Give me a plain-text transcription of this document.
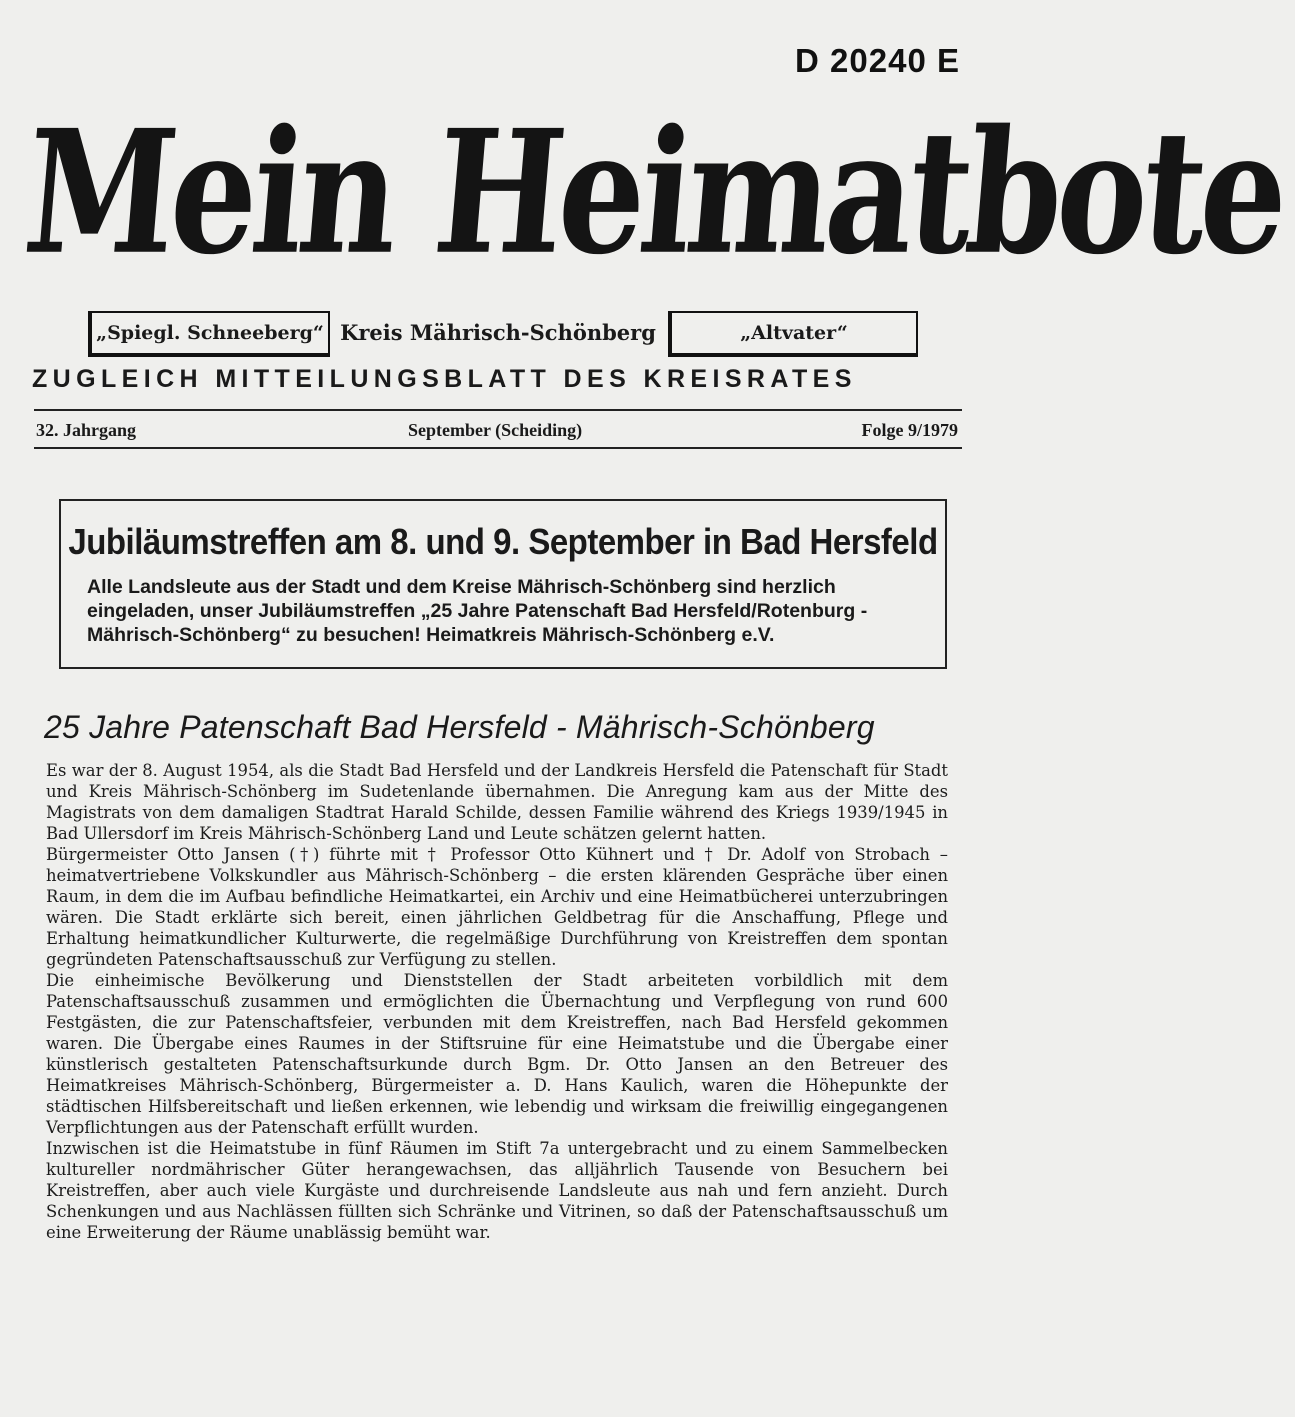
D 20240 E
Mein Heimatbote
„Spiegl. Schneeberg“ Kreis Mährisch-Schönberg	„Altvater“
ZUGLEICH MITTEILUNGSBLATT DES KREISRATES
32. Jahrgang	September (Scheiding)	Folge 9/1979
Jubiläumstreffen am 8. und 9. September in Bad Hersfeld
Alle Landsleute aus der Stadt und dem Kreise Mährisch-Schönberg sind herzlich eingeladen, unser Jubiläumstreffen „25 Jahre Patenschaft Bad Hersfeld/Rotenburg - Mährisch-Schönberg“ zu besuchen! Heimatkreis Mährisch-Schönberg e.V.
25 Jahre Patenschaft Bad Hersfeld - Mährisch-Schönberg

Es war der 8. August 1954, als die Stadt Bad Hersfeld und der Landkreis Hersfeld die Patenschaft für Stadt und Kreis Mährisch-Schönberg im Sudetenlande übernahmen. Die Anregung kam aus der Mitte des Magistrats von dem damaligen Stadtrat Harald Schilde, dessen Familie während des Kriegs 1939/1945 in Bad Ullersdorf im Kreis Mährisch-Schönberg Land und Leute schätzen gelernt hatten.

Bürgermeister Otto Jansen (†) führte mit † Professor Otto Kühnert und † Dr. Adolf von Strobach – heimatvertriebene Volkskundler aus Mährisch-Schönberg – die ersten klärenden Gespräche über einen Raum, in dem die im Aufbau befindliche Heimatkartei, ein Archiv und eine Heimatbücherei unterzubringen wären. Die Stadt erklärte sich bereit, einen jährlichen Geldbetrag für die Anschaffung, Pflege und Erhaltung heimatkundlicher Kulturwerte, die regelmäßige Durchführung von Kreistreffen dem spontan gegründeten Patenschaftsausschuß zur Verfügung zu stellen.

Die einheimische Bevölkerung und Dienststellen der Stadt arbeiteten vorbildlich mit dem Patenschaftsausschuß zusammen und ermöglichten die Übernachtung und Verpflegung von rund 600 Festgästen, die zur Patenschaftsfeier, verbunden mit dem Kreistreffen, nach Bad Hersfeld gekommen waren. Die Übergabe eines Raumes in der Stiftsruine für eine Heimatstube und die Übergabe einer künstlerisch gestalteten Patenschaftsurkunde durch Bgm. Dr. Otto Jansen an den Betreuer des Heimatkreises Mährisch-Schönberg, Bürgermeister a. D. Hans Kaulich, waren die Höhepunkte der städtischen Hilfsbereitschaft und ließen erkennen, wie lebendig und wirksam die freiwillig eingegangenen Verpflichtungen aus der Patenschaft erfüllt wurden.

Inzwischen ist die Heimatstube in fünf Räumen im Stift 7a untergebracht und zu einem Sammelbecken kultureller nordmährischer Güter herangewachsen, das alljährlich Tausende von Besuchern bei Kreistreffen, aber auch viele Kurgäste und durchreisende Landsleute aus nah und fern anzieht. Durch Schenkungen und aus Nachlässen füllten sich Schränke und Vitrinen, so daß der Patenschaftsausschuß um eine Erweiterung der Räume unablässig bemüht war.
